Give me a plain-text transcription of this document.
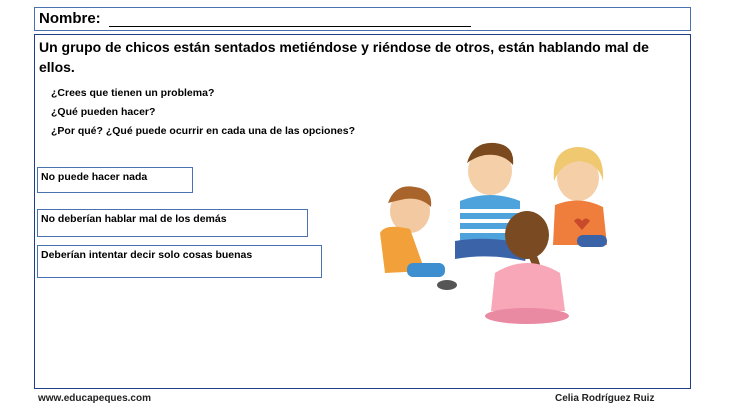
Nombre:
Un grupo de chicos están sentados metiéndose y riéndose de otros, están hablando mal de ellos.
¿Crees que tienen un problema?
¿Qué pueden hacer?
¿Por qué? ¿Qué puede ocurrir en cada una de las opciones?
No puede hacer nada
No deberían hablar mal de los demás
Deberían intentar decir solo cosas buenas
www.educapeques.com	Celia Rodríguez Ruiz
